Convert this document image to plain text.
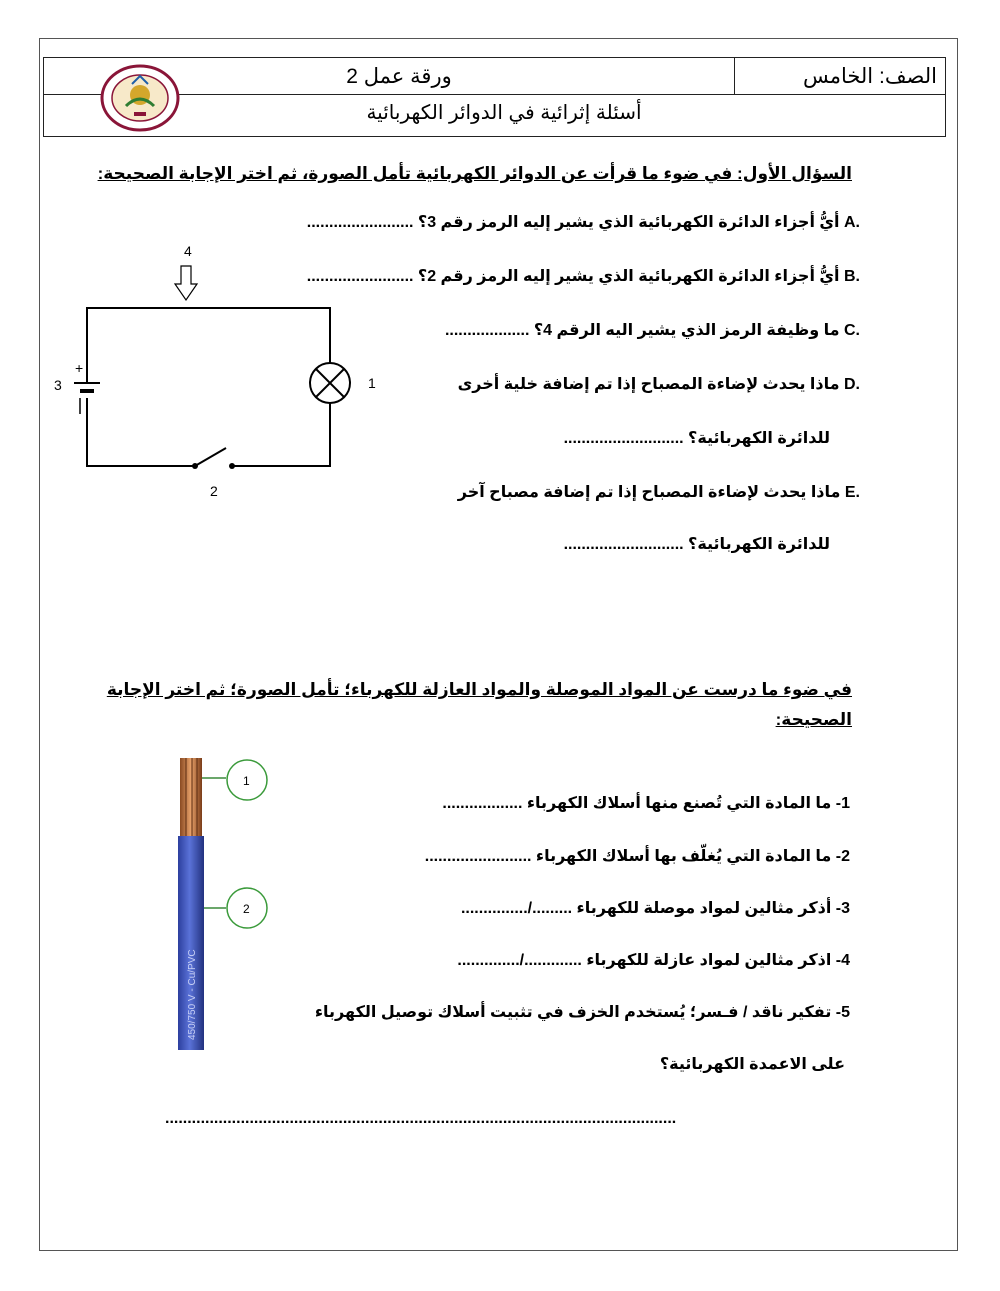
الصف: الخامس
ورقة عمل 2
أسئلة إثرائية في الدوائر الكهربائية
السؤال الأول: في ضوء ما قرأت عن الدوائر الكهربائية تأمل الصورة، ثم اختر الإجابة الصحيحة:
.A أيُّ أجزاء الدائرة الكهربائية الذي يشير إليه الرمز رقم 3؟ ........................
.B أيُّ أجزاء الدائرة الكهربائية الذي يشير إليه الرمز رقم 2؟ ........................
.C ما وظيفة الرمز الذي يشير اليه الرقم 4؟ ...................
.D ماذا يحدث لإضاءة المصباح إذا تم إضافة خلية أخرى
للدائرة الكهربائية؟ ...........................
.E ماذا يحدث لإضاءة المصباح إذا تم إضافة مصباح آخر
للدائرة الكهربائية؟ ...........................
4
+
3	1
2
في ضوء ما درست عن المواد الموصلة والمواد العازلة للكهرباء؛ تأمل الصورة؛ ثم اختر الإجابة
الصحيحة:
1- ما المادة التي تُصنع منها أسلاك الكهرباء ..................
2- ما المادة التي يُغلّف بها أسلاك الكهرباء ........................
3- أذكر مثالين لمواد موصلة للكهرباء ........./...............
4- اذكر مثالين لمواد عازلة للكهرباء ............./..............
5- تفكير ناقد / فـسر؛ يُستخدم الخزف في تثبيت أسلاك توصيل الكهرباء
على الاعمدة الكهربائية؟
...................................................................................................................
450/750 V - Cu/PVC
1
2
